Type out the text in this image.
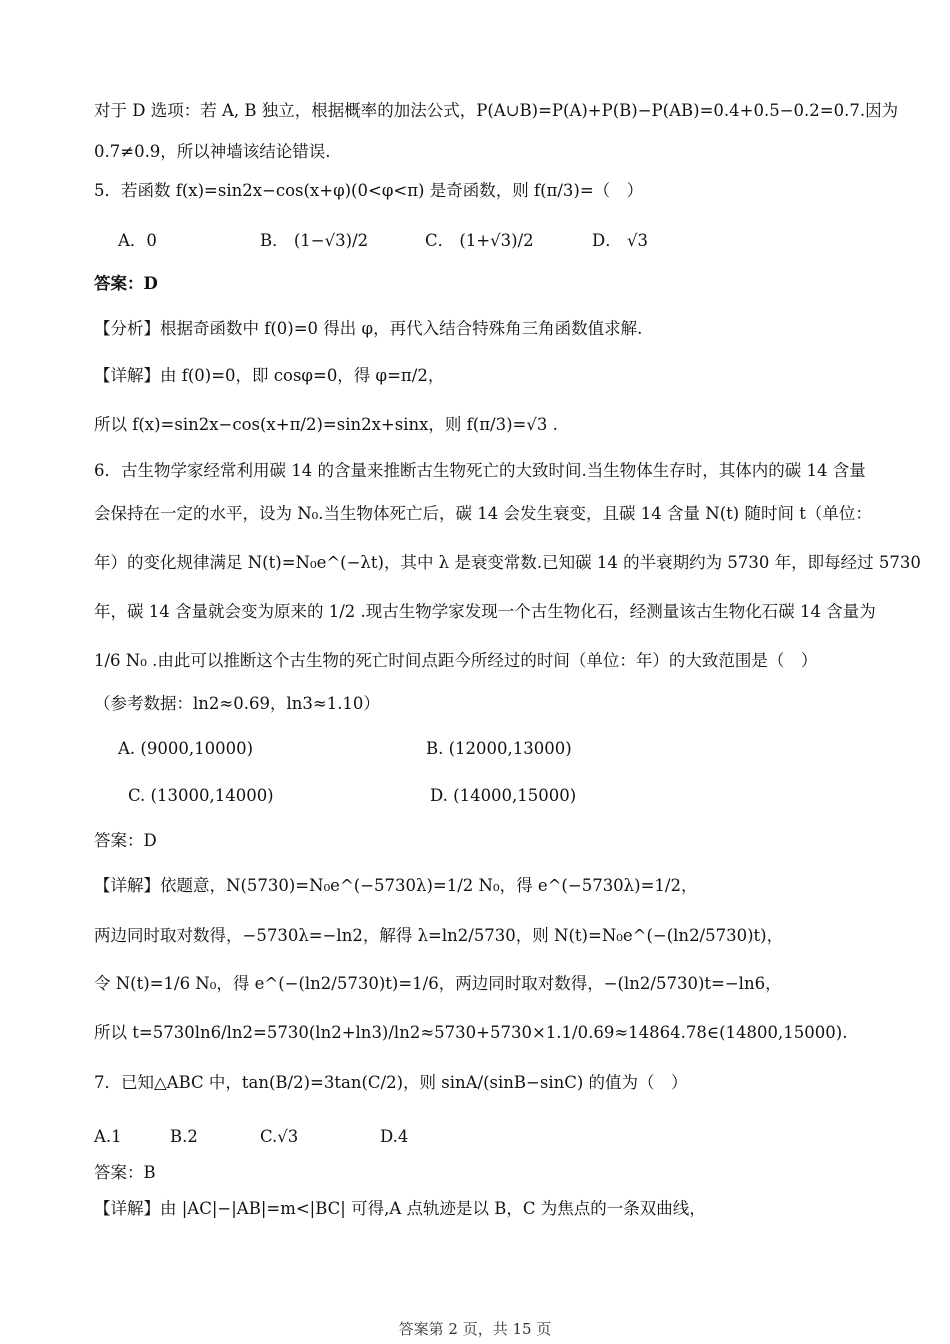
对于 D 选项：若 A, B 独立，根据概率的加法公式，P(A∪B)=P(A)+P(B)−P(AB)=0.4+0.5−0.2=0.7.因为
0.7≠0.9，所以神墙该结论错误.
5．若函数 f(x)=sin2x−cos(x+φ)(0<φ<π) 是奇函数，则 f(π/3)=（　）
A．0	B． (1−√3)/2	C． (1+√3)/2	D． √3
答案：D
【分析】根据奇函数中 f(0)=0 得出 φ，再代入结合特殊角三角函数值求解.
【详解】由 f(0)=0，即 cosφ=0，得 φ=π/2，
所以 f(x)=sin2x−cos(x+π/2)=sin2x+sinx，则 f(π/3)=√3 .
6．古生物学家经常利用碳 14 的含量来推断古生物死亡的大致时间.当生物体生存时，其体内的碳 14 含量
会保持在一定的水平，设为 N₀.当生物体死亡后，碳 14 会发生衰变，且碳 14 含量 N(t) 随时间 t（单位：
年）的变化规律满足 N(t)=N₀e^(−λt)，其中 λ 是衰变常数.已知碳 14 的半衰期约为 5730 年，即每经过 5730
年，碳 14 含量就会变为原来的 1/2 .现古生物学家发现一个古生物化石，经测量该古生物化石碳 14 含量为
1/6 N₀ .由此可以推断这个古生物的死亡时间点距今所经过的时间（单位：年）的大致范围是（　）
（参考数据：ln2≈0.69，ln3≈1.10）
A. (9000,10000)	B. (12000,13000)
C. (13000,14000)	D. (14000,15000)
答案：D
【详解】依题意，N(5730)=N₀e^(−5730λ)=1/2 N₀，得 e^(−5730λ)=1/2，
两边同时取对数得，−5730λ=−ln2，解得 λ=ln2/5730，则 N(t)=N₀e^(−(ln2/5730)t)，
令 N(t)=1/6 N₀，得 e^(−(ln2/5730)t)=1/6，两边同时取对数得，−(ln2/5730)t=−ln6，
所以 t=5730ln6/ln2=5730(ln2+ln3)/ln2≈5730+5730×1.1/0.69≈14864.78∈(14800,15000).
7．已知△ABC 中，tan(B/2)=3tan(C/2)，则 sinA/(sinB−sinC) 的值为（　）
A.1	B.2	C.√3	D.4
答案：B
【详解】由 |AC|−|AB|=m<|BC| 可得,A 点轨迹是以 B，C 为焦点的一条双曲线，
答案第 2 页，共 15 页
